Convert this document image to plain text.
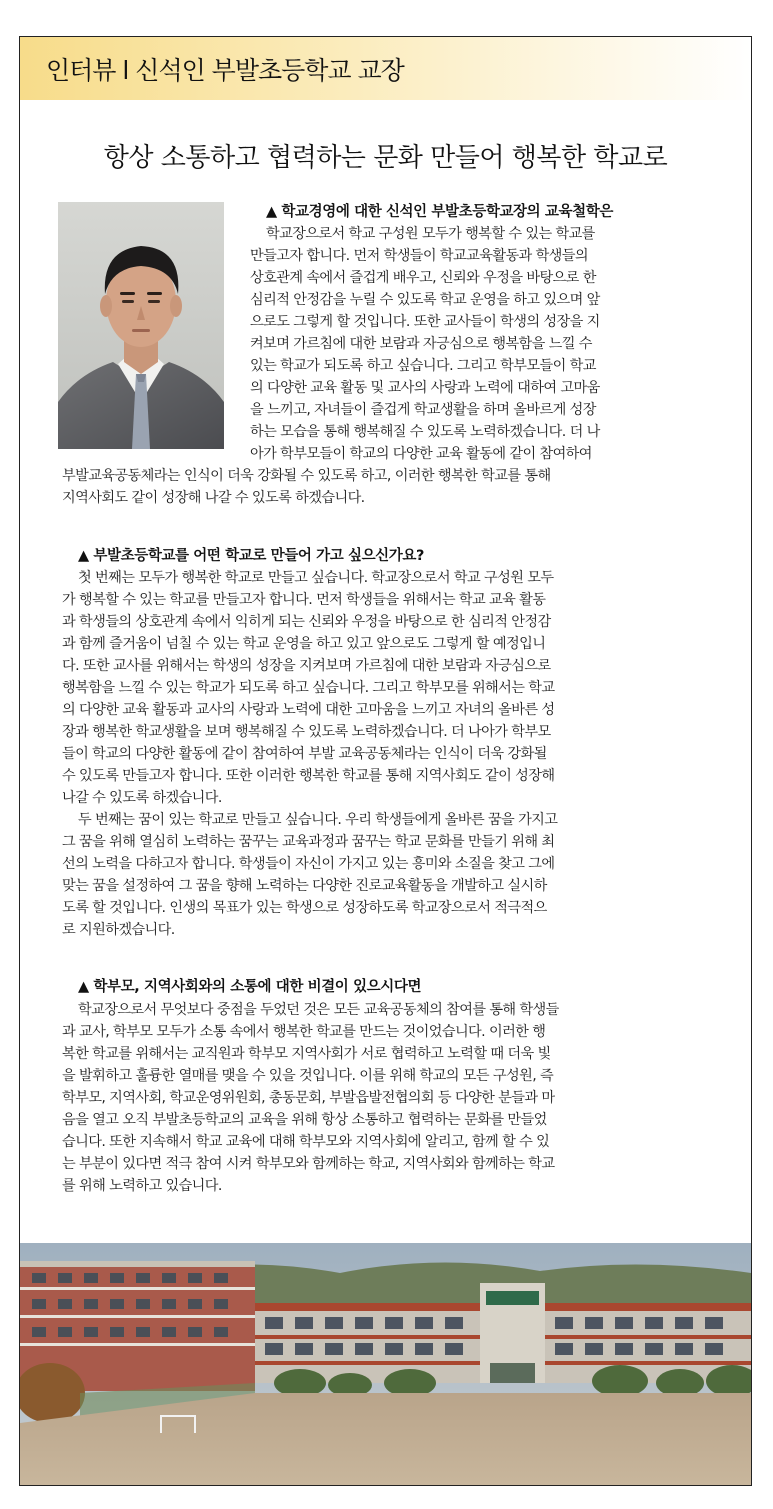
인터뷰 l 신석인 부발초등학교 교장
항상 소통하고 협력하는 문화 만들어 행복한 학교로
▲ 학교경영에 대한 신석인 부발초등학교장의 교육철학은
학교장으로서 학교 구성원 모두가 행복할 수 있는 학교를
만들고자 합니다. 먼저 학생들이 학교교육활동과 학생들의
상호관계 속에서 즐겁게 배우고, 신뢰와 우정을 바탕으로 한
심리적 안정감을 누릴 수 있도록 학교 운영을 하고 있으며 앞
으로도 그렇게 할 것입니다. 또한 교사들이 학생의 성장을 지
켜보며 가르침에 대한 보람과 자긍심으로 행복함을 느낄 수
있는 학교가 되도록 하고 싶습니다. 그리고 학부모들이 학교
의 다양한 교육 활동 및 교사의 사랑과 노력에 대하여 고마움
을 느끼고, 자녀들이 즐겁게 학교생활을 하며 올바르게 성장
하는 모습을 통해 행복해질 수 있도록 노력하겠습니다. 더 나
아가 학부모들이 학교의 다양한 교육 활동에 같이 참여하여
부발교육공동체라는 인식이 더욱 강화될 수 있도록 하고, 이러한 행복한 학교를 통해
지역사회도 같이 성장해 나갈 수 있도록 하겠습니다.
▲ 부발초등학교를 어떤 학교로 만들어 가고 싶으신가요?
첫 번째는 모두가 행복한 학교로 만들고 싶습니다. 학교장으로서 학교 구성원 모두
가 행복할 수 있는 학교를 만들고자 합니다. 먼저 학생들을 위해서는 학교 교육 활동
과 학생들의 상호관계 속에서 익히게 되는 신뢰와 우정을 바탕으로 한 심리적 안정감
과 함께 즐거움이 넘칠 수 있는 학교 운영을 하고 있고 앞으로도 그렇게 할 예정입니
다. 또한 교사를 위해서는 학생의 성장을 지켜보며 가르침에 대한 보람과 자긍심으로
행복함을 느낄 수 있는 학교가 되도록 하고 싶습니다. 그리고 학부모를 위해서는 학교
의 다양한 교육 활동과 교사의 사랑과 노력에 대한 고마움을 느끼고 자녀의 올바른 성
장과 행복한 학교생활을 보며 행복해질 수 있도록 노력하겠습니다. 더 나아가 학부모
들이 학교의 다양한 활동에 같이 참여하여 부발 교육공동체라는 인식이 더욱 강화될
수 있도록 만들고자 합니다. 또한 이러한 행복한 학교를 통해 지역사회도 같이 성장해
나갈 수 있도록 하겠습니다.
두 번째는 꿈이 있는 학교로 만들고 싶습니다. 우리 학생들에게 올바른 꿈을 가지고
그 꿈을 위해 열심히 노력하는 꿈꾸는 교육과정과 꿈꾸는 학교 문화를 만들기 위해 최
선의 노력을 다하고자 합니다. 학생들이 자신이 가지고 있는 흥미와 소질을 찾고 그에
맞는 꿈을 설정하여 그 꿈을 향해 노력하는 다양한 진로교육활동을 개발하고 실시하
도록 할 것입니다. 인생의 목표가 있는 학생으로 성장하도록 학교장으로서 적극적으
로 지원하겠습니다.
▲ 학부모, 지역사회와의 소통에 대한 비결이 있으시다면
학교장으로서 무엇보다 중점을 두었던 것은 모든 교육공동체의 참여를 통해 학생들
과 교사, 학부모 모두가 소통 속에서 행복한 학교를 만드는 것이었습니다. 이러한 행
복한 학교를 위해서는 교직원과 학부모 지역사회가 서로 협력하고 노력할 때 더욱 빛
을 발휘하고 훌륭한 열매를 맺을 수 있을 것입니다. 이를 위해 학교의 모든 구성원, 즉
학부모, 지역사회, 학교운영위원회, 총동문회, 부발읍발전협의회 등 다양한 분들과 마
음을 열고 오직 부발초등학교의 교육을 위해 항상 소통하고 협력하는 문화를 만들었
습니다. 또한 지속해서 학교 교육에 대해 학부모와 지역사회에 알리고, 함께 할 수 있
는 부분이 있다면 적극 참여 시켜 학부모와 함께하는 학교, 지역사회와 함께하는 학교
를 위해 노력하고 있습니다.
